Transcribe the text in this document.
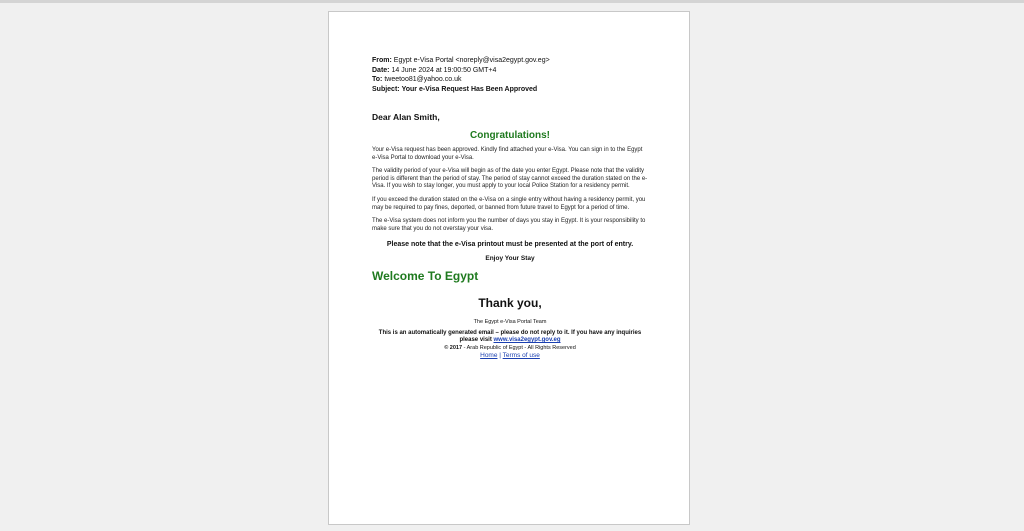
From: Egypt e-Visa Portal <noreply@visa2egypt.gov.eg>
Date: 14 June 2024 at 19:00:50 GMT+4
To: tweetoo81@yahoo.co.uk
Subject: Your e-Visa Request Has Been Approved
Dear Alan Smith,
Congratulations!
Your e-Visa request has been approved. Kindly find attached your e-Visa. You can sign in to the Egypt e-Visa Portal to download your e-Visa.
The validity period of your e-Visa will begin as of the date you enter Egypt. Please note that the validity period is different than the period of stay. The period of stay cannot exceed the duration stated on the e-Visa. If you wish to stay longer, you must apply to your local Police Station for a residency permit.
If you exceed the duration stated on the e-Visa on a single entry without having a residency permit, you may be required to pay fines, deported, or banned from future travel to Egypt for a period of time.
The e-Visa system does not inform you the number of days you stay in Egypt. It is your responsibility to make sure that you do not overstay your visa.
Please note that the e-Visa printout must be presented at the port of entry.
Enjoy Your Stay
Welcome To Egypt
Thank you,
The Egypt e-Visa Portal Team
This is an automatically generated email – please do not reply to it. If you have any inquiries please visit www.visa2egypt.gov.eg
© 2017 - Arab Republic of Egypt - All Rights Reserved
Home | Terms of use
